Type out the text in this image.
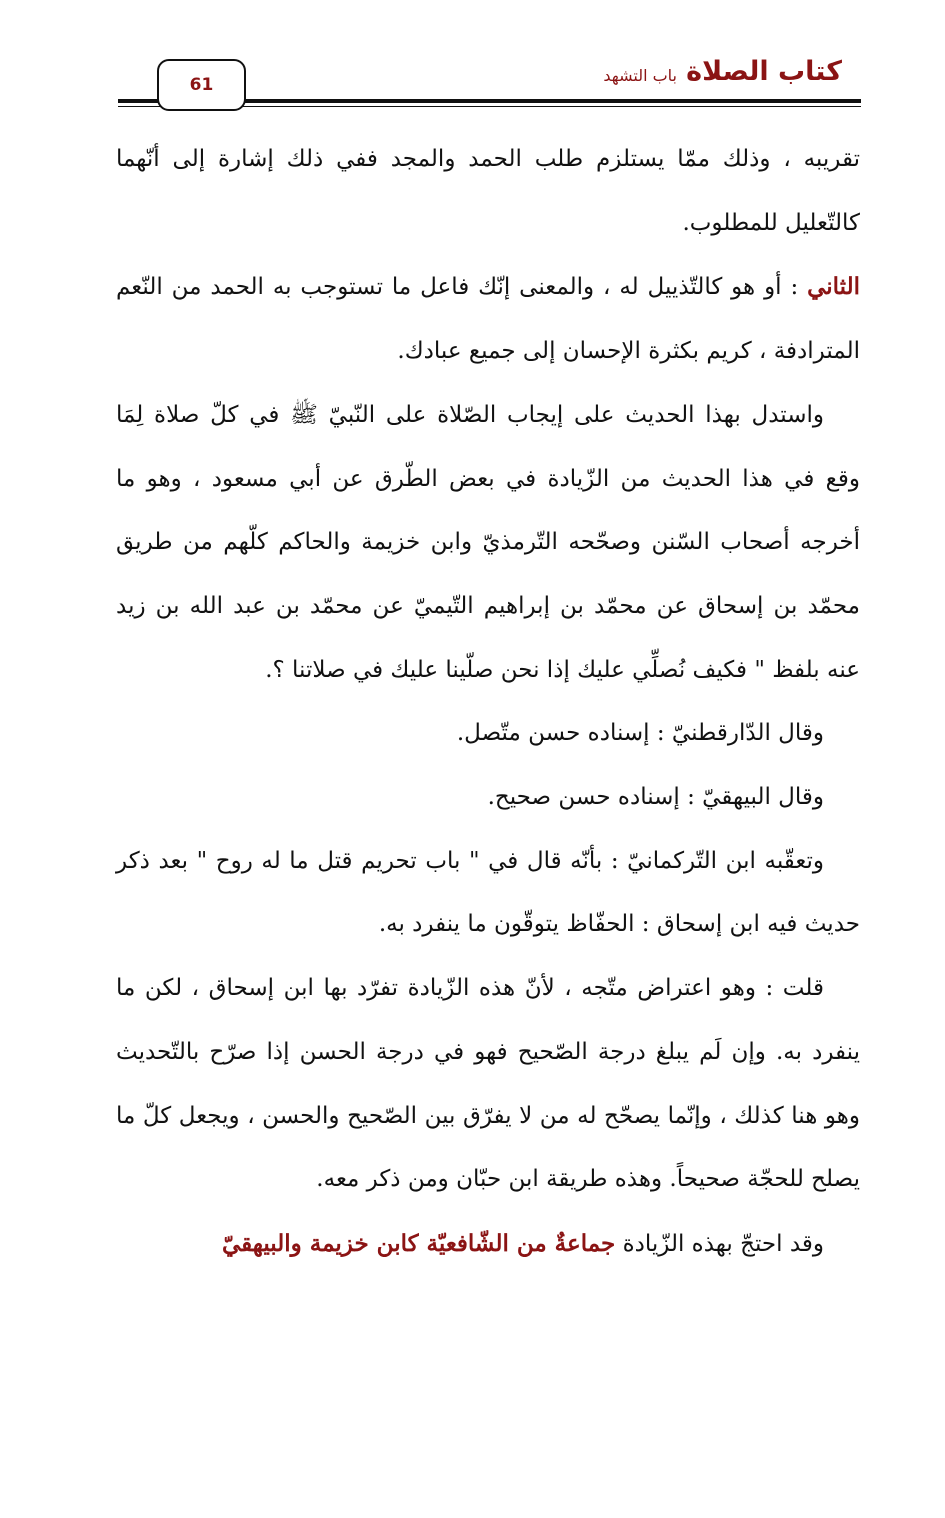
كتاب الصلاة
باب التشهد
61

تقريبه ، وذلك ممّا يستلزم طلب الحمد والمجد ففي ذلك إشارة إلى أنّهما كالتّعليل للمطلوب.

الثاني : أو هو كالتّذييل له ، والمعنى إنّك فاعل ما تستوجب به الحمد من النّعم المترادفة ، كريم بكثرة الإحسان إلى جميع عبادك.

واستدل بهذا الحديث على إيجاب الصّلاة على النّبيّ ﷺ في كلّ صلاة لِمَا وقع في هذا الحديث من الزّيادة في بعض الطّرق عن أبي مسعود ، وهو ما أخرجه أصحاب السّنن وصحّحه التّرمذيّ وابن خزيمة والحاكم كلّهم من طريق محمّد بن إسحاق عن محمّد بن إبراهيم التّيميّ عن محمّد بن عبد الله بن زيد عنه بلفظ " فكيف نُصلِّي عليك إذا نحن صلّينا عليك في صلاتنا ؟.

وقال الدّارقطنيّ : إسناده حسن متّصل.

وقال البيهقيّ : إسناده حسن صحيح.

وتعقّبه ابن التّركمانيّ : بأنّه قال في " باب تحريم قتل ما له روح " بعد ذكر حديث فيه ابن إسحاق : الحفّاظ يتوقّون ما ينفرد به.

قلت : وهو اعتراض متّجه ، لأنّ هذه الزّيادة تفرّد بها ابن إسحاق ، لكن ما ينفرد به. وإن لَم يبلغ درجة الصّحيح فهو في درجة الحسن إذا صرّح بالتّحديث وهو هنا كذلك ، وإنّما يصحّح له من لا يفرّق بين الصّحيح والحسن ، ويجعل كلّ ما يصلح للحجّة صحيحاً. وهذه طريقة ابن حبّان ومن ذكر معه.

وقد احتجّ بهذه الزّيادة جماعةٌ من الشّافعيّة كابن خزيمة والبيهقيّ
